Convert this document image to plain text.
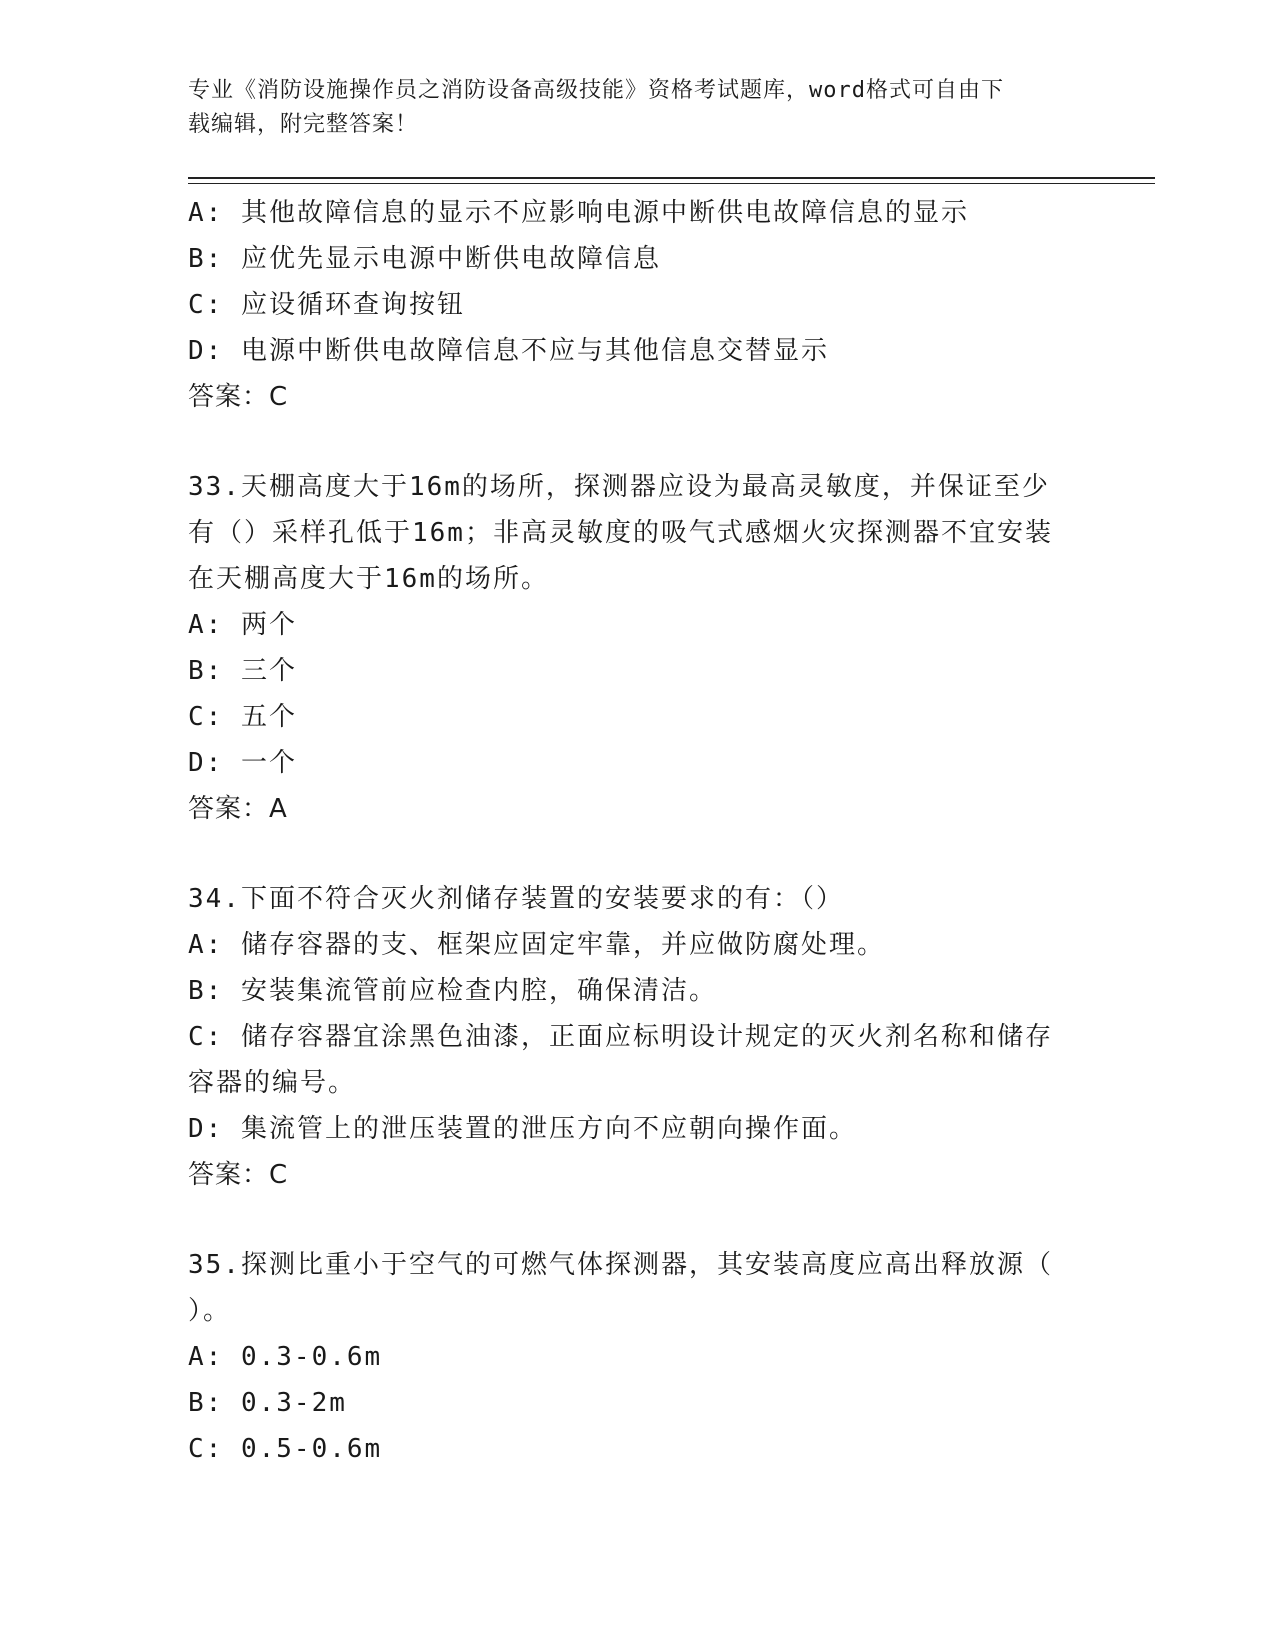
专业《消防设施操作员之消防设备高级技能》资格考试题库，word格式可自由下
载编辑，附完整答案！
A: 其他故障信息的显示不应影响电源中断供电故障信息的显示
B: 应优先显示电源中断供电故障信息
C: 应设循环查询按钮
D: 电源中断供电故障信息不应与其他信息交替显示
答案：C
33.天棚高度大于16m的场所，探测器应设为最高灵敏度，并保证至少
有（）采样孔低于16m；非高灵敏度的吸气式感烟火灾探测器不宜安装
在天棚高度大于16m的场所。
A: 两个
B: 三个
C: 五个
D: 一个
答案：A
34.下面不符合灭火剂储存装置的安装要求的有：（）
A: 储存容器的支、框架应固定牢靠，并应做防腐处理。
B: 安装集流管前应检查内腔，确保清洁。
C: 储存容器宜涂黑色油漆，正面应标明设计规定的灭火剂名称和储存
容器的编号。
D: 集流管上的泄压装置的泄压方向不应朝向操作面。
答案：C
35.探测比重小于空气的可燃气体探测器，其安装高度应高出释放源（
）。
A: 0.3-0.6m
B: 0.3-2m
C: 0.5-0.6m
